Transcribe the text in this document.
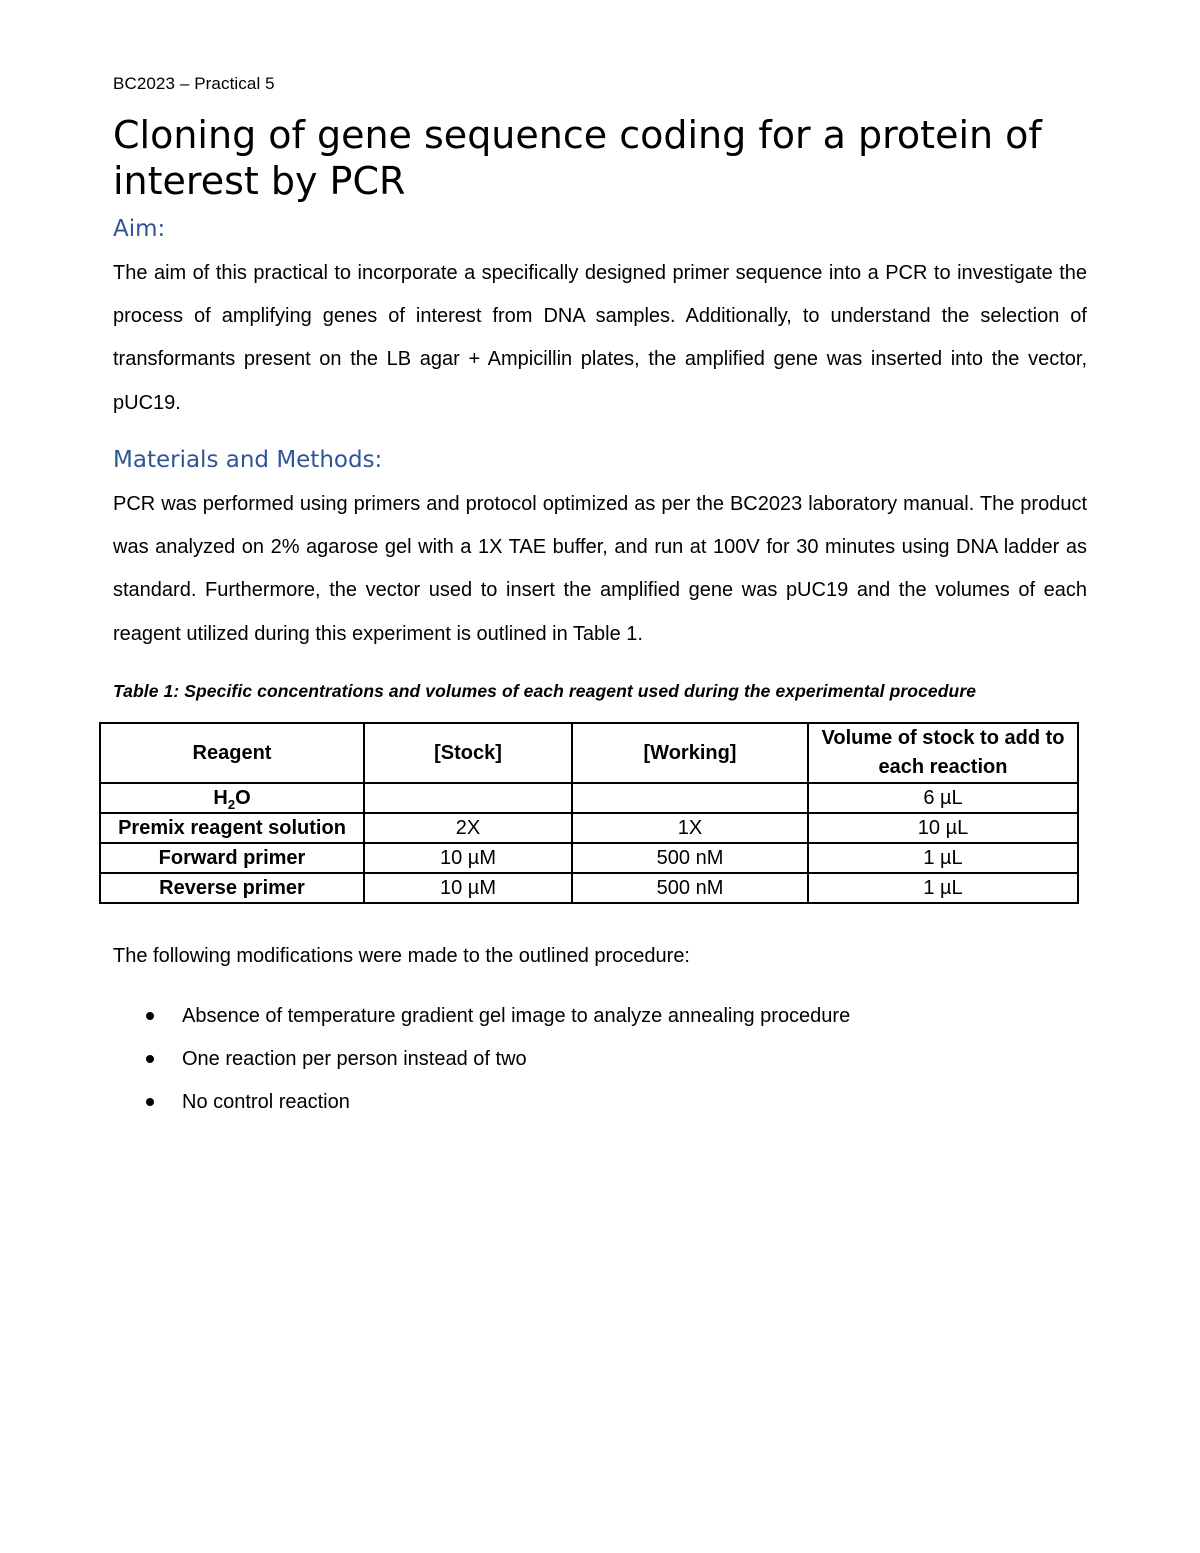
BC2023 – Practical 5
Cloning of gene sequence coding for a protein of interest by PCR
Aim:

The aim of this practical to incorporate a specifically designed primer sequence into a PCR to investigate the process of amplifying genes of interest from DNA samples. Additionally, to understand the selection of transformants present on the LB agar + Ampicillin plates, the amplified gene was inserted into the vector, pUC19.

Materials and Methods:

PCR was performed using primers and protocol optimized as per the BC2023 laboratory manual. The product was analyzed on 2% agarose gel with a 1X TAE buffer, and run at 100V for 30 minutes using DNA ladder as standard. Furthermore, the vector used to insert the amplified gene was pUC19 and the volumes of each reagent utilized during this experiment is outlined in Table 1.

Table 1: Specific concentrations and volumes of each reagent used during the experimental procedure

Reagent	[Stock]	[Working]	Volume of stock to add to each reaction
$H_2O$			6 µL
Premix reagent solution	2X	1X	10 µL
Forward primer	10 µM	500 nM	1 µL
Reverse primer	10 µM	500 nM	1 µL

The following modifications were made to the outlined procedure:

Absence of temperature gradient gel image to analyze annealing procedure
One reaction per person instead of two
No control reaction
